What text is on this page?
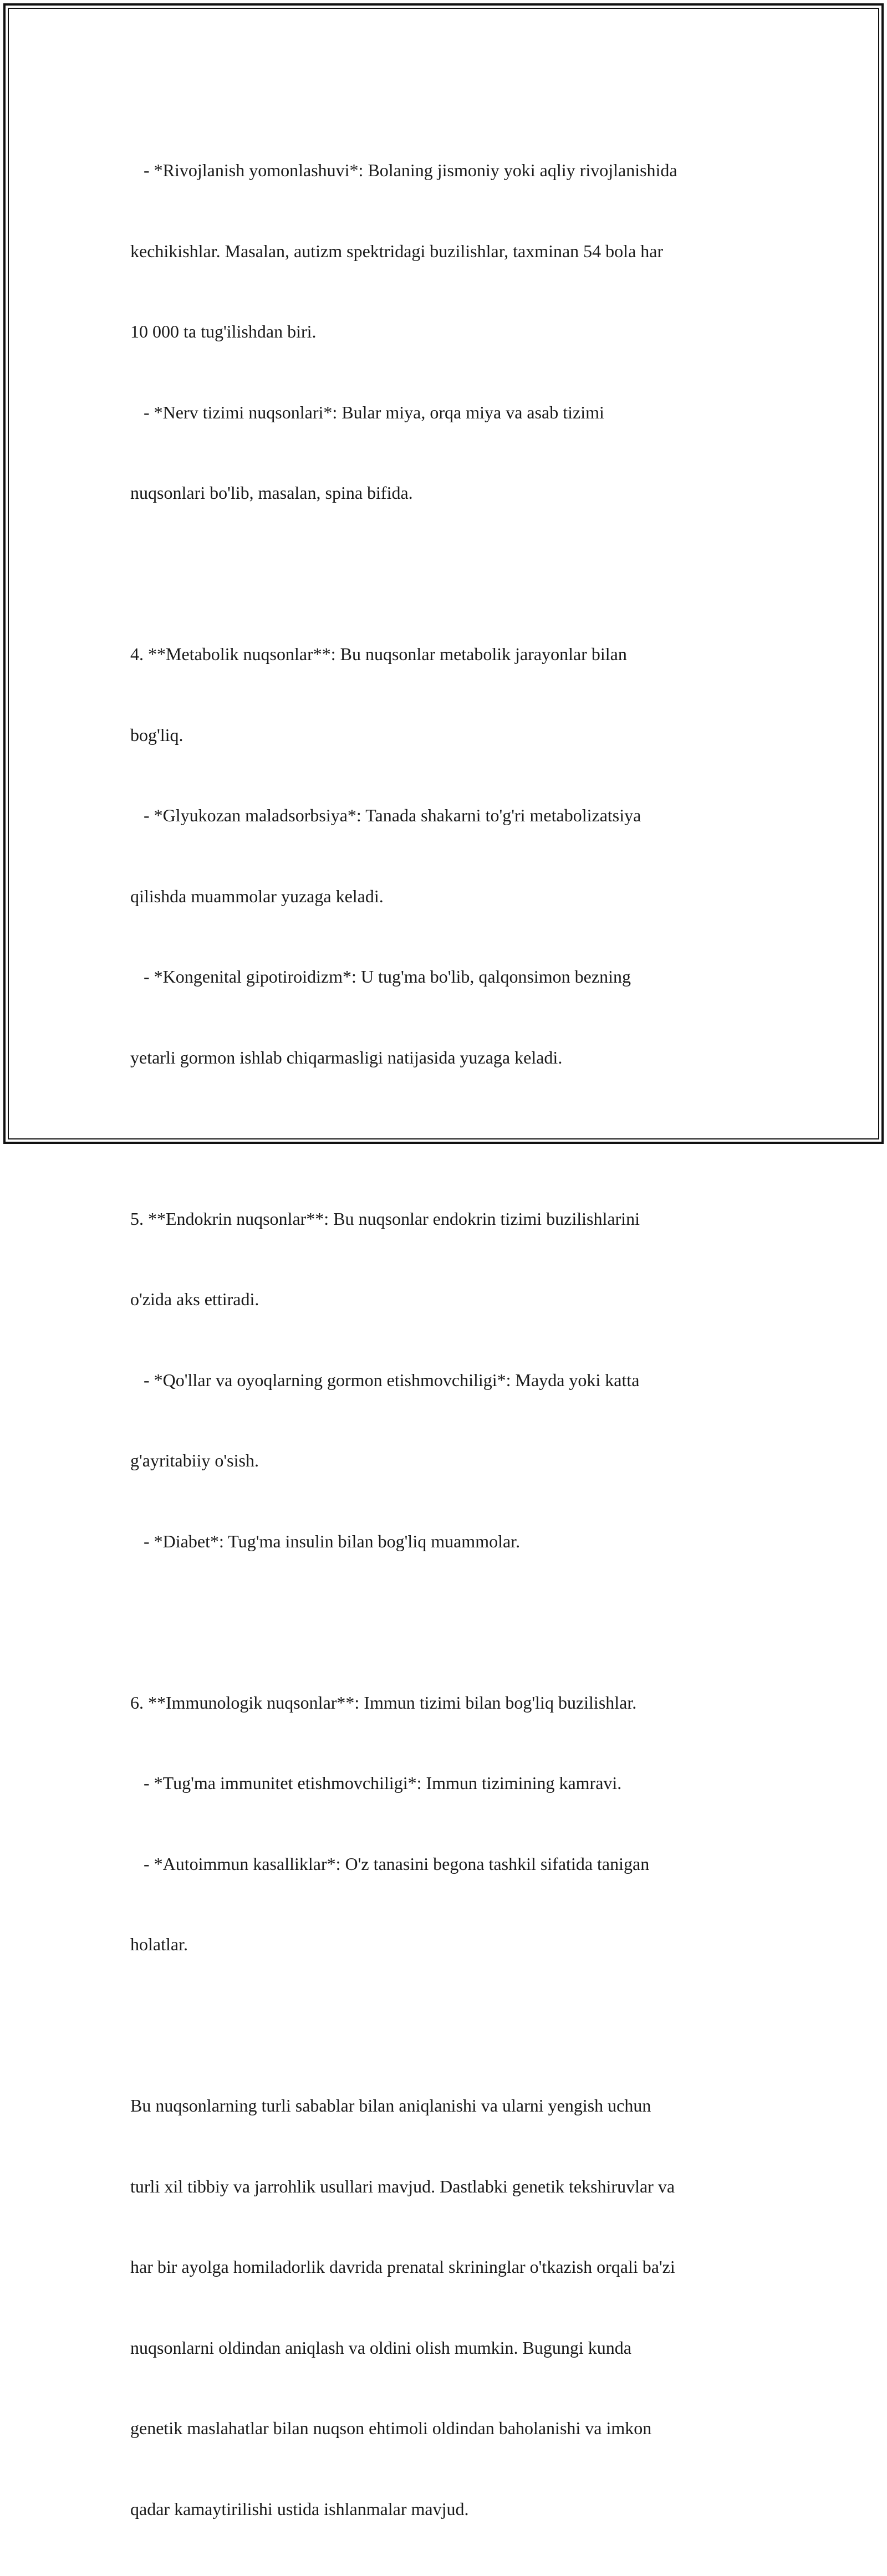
- *Rivojlanish yomonlashuvi*: Bolaning jismoniy yoki aqliy rivojlanishida

kechikishlar. Masalan, autizm spektridagi buzilishlar, taxminan 54 bola har

10 000 ta tug'ilishdan biri.

- *Nerv tizimi nuqsonlari*: Bular miya, orqa miya va asab tizimi

nuqsonlari bo'lib, masalan, spina bifida.

4. **Metabolik nuqsonlar**: Bu nuqsonlar metabolik jarayonlar bilan

bog'liq.

- *Glyukozan maladsorbsiya*: Tanada shakarni to'g'ri metabolizatsiya

qilishda muammolar yuzaga keladi.

- *Kongenital gipotiroidizm*: U tug'ma bo'lib, qalqonsimon bezning

yetarli gormon ishlab chiqarmasligi natijasida yuzaga keladi.

5. **Endokrin nuqsonlar**: Bu nuqsonlar endokrin tizimi buzilishlarini

o'zida aks ettiradi.

- *Qo'llar va oyoqlarning gormon etishmovchiligi*: Mayda yoki katta

g'ayritabiiy o'sish.

- *Diabet*: Tug'ma insulin bilan bog'liq muammolar.

6. **Immunologik nuqsonlar**: Immun tizimi bilan bog'liq buzilishlar.

- *Tug'ma immunitet etishmovchiligi*: Immun tizimining kamravi.

- *Autoimmun kasalliklar*: O'z tanasini begona tashkil sifatida tanigan

holatlar.

Bu nuqsonlarning turli sabablar bilan aniqlanishi va ularni yengish uchun

turli xil tibbiy va jarrohlik usullari mavjud. Dastlabki genetik tekshiruvlar va

har bir ayolga homiladorlik davrida prenatal skrininglar o'tkazish orqali ba'zi

nuqsonlarni oldindan aniqlash va oldini olish mumkin. Bugungi kunda

genetik maslahatlar bilan nuqson ehtimoli oldindan baholanishi va imkon

qadar kamaytirilishi ustida ishlanmalar mavjud.
